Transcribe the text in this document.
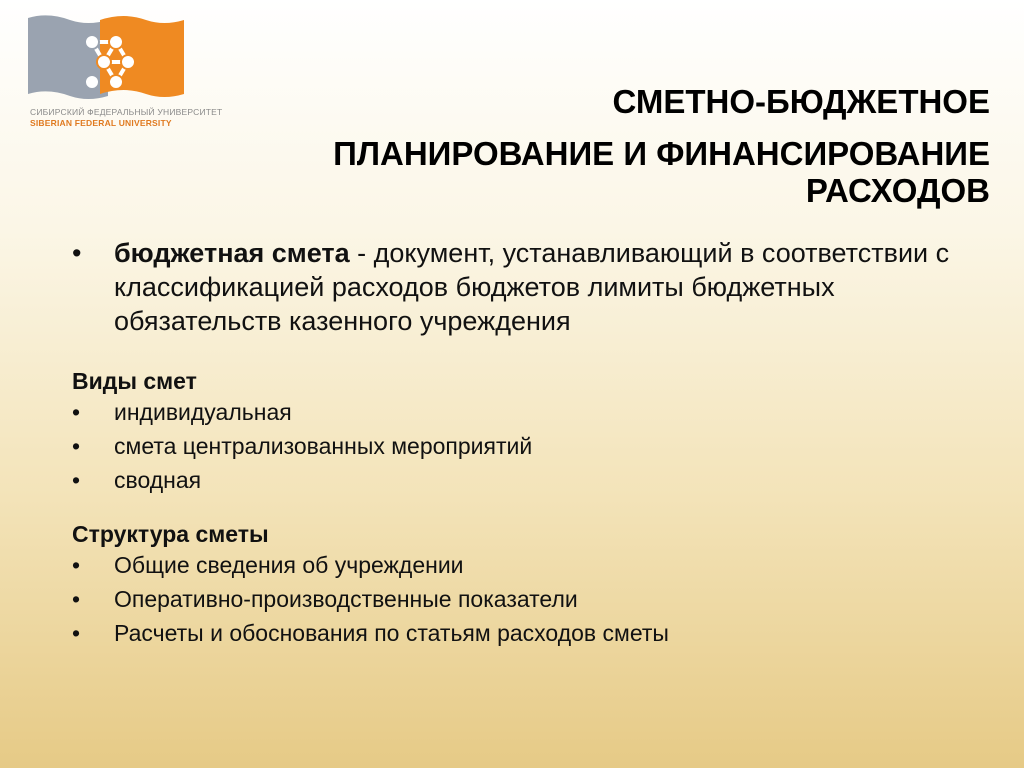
СИБИРСКИЙ ФЕДЕРАЛЬНЫЙ УНИВЕРСИТЕТ
SIBERIAN FEDERAL UNIVERSITY
СМЕТНО-БЮДЖЕТНОЕ
ПЛАНИРОВАНИЕ И ФИНАНСИРОВАНИЕ
РАСХОДОВ
• бюджетная смета - документ, устанавливающий в соответствии с классификацией расходов бюджетов лимиты бюджетных обязательств казенного учреждения
Виды смет
• индивидуальная
• смета централизованных мероприятий
• сводная
Структура сметы
• Общие сведения об учреждении
• Оперативно-производственные показатели
• Расчеты и обоснования по статьям расходов сметы
